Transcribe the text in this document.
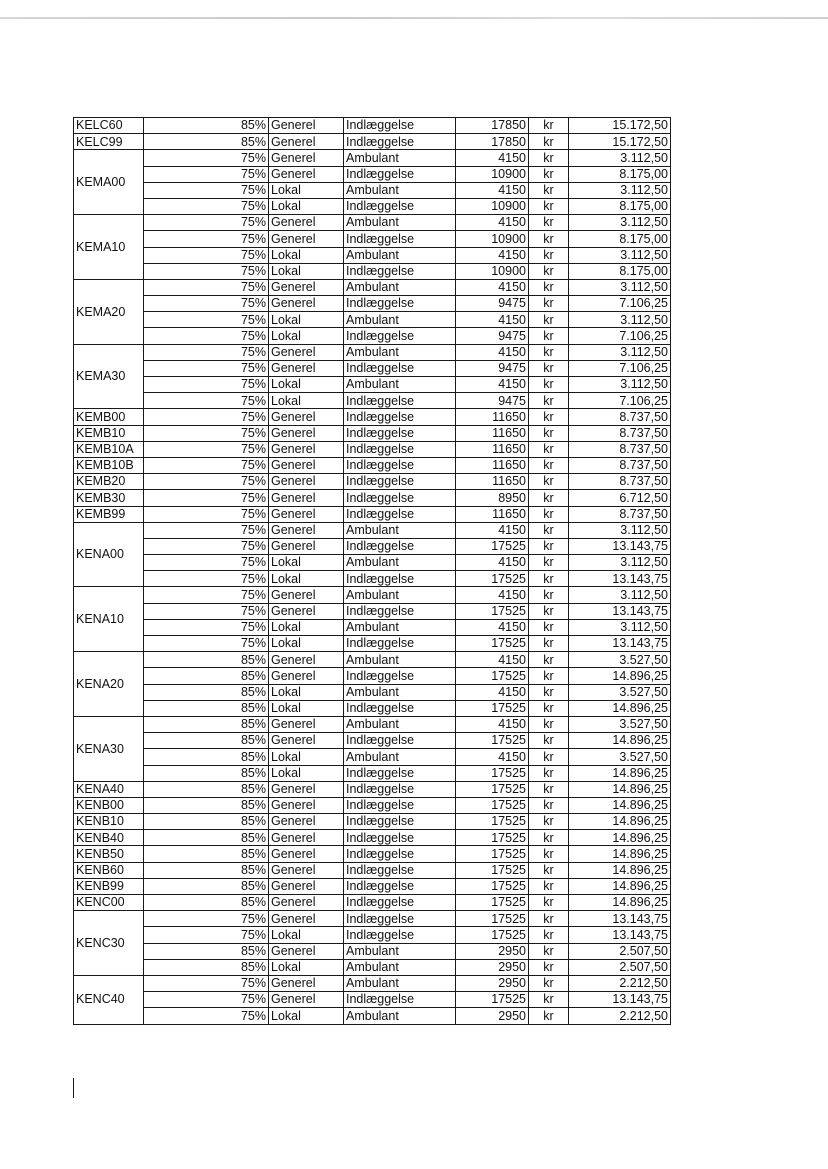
KELC60	85%	Generel	Indlæggelse	17850	kr	15.172,50
KELC99	85%	Generel	Indlæggelse	17850	kr	15.172,50
KEMA00	75%	Generel	Ambulant	4150	kr	3.112,50
	75%	Generel	Indlæggelse	10900	kr	8.175,00
	75%	Lokal	Ambulant	4150	kr	3.112,50
	75%	Lokal	Indlæggelse	10900	kr	8.175,00
KEMA10	75%	Generel	Ambulant	4150	kr	3.112,50
	75%	Generel	Indlæggelse	10900	kr	8.175,00
	75%	Lokal	Ambulant	4150	kr	3.112,50
	75%	Lokal	Indlæggelse	10900	kr	8.175,00
KEMA20	75%	Generel	Ambulant	4150	kr	3.112,50
	75%	Generel	Indlæggelse	9475	kr	7.106,25
	75%	Lokal	Ambulant	4150	kr	3.112,50
	75%	Lokal	Indlæggelse	9475	kr	7.106,25
KEMA30	75%	Generel	Ambulant	4150	kr	3.112,50
	75%	Generel	Indlæggelse	9475	kr	7.106,25
	75%	Lokal	Ambulant	4150	kr	3.112,50
	75%	Lokal	Indlæggelse	9475	kr	7.106,25
KEMB00	75%	Generel	Indlæggelse	11650	kr	8.737,50
KEMB10	75%	Generel	Indlæggelse	11650	kr	8.737,50
KEMB10A	75%	Generel	Indlæggelse	11650	kr	8.737,50
KEMB10B	75%	Generel	Indlæggelse	11650	kr	8.737,50
KEMB20	75%	Generel	Indlæggelse	11650	kr	8.737,50
KEMB30	75%	Generel	Indlæggelse	8950	kr	6.712,50
KEMB99	75%	Generel	Indlæggelse	11650	kr	8.737,50
KENA00	75%	Generel	Ambulant	4150	kr	3.112,50
	75%	Generel	Indlæggelse	17525	kr	13.143,75
	75%	Lokal	Ambulant	4150	kr	3.112,50
	75%	Lokal	Indlæggelse	17525	kr	13.143,75
KENA10	75%	Generel	Ambulant	4150	kr	3.112,50
	75%	Generel	Indlæggelse	17525	kr	13.143,75
	75%	Lokal	Ambulant	4150	kr	3.112,50
	75%	Lokal	Indlæggelse	17525	kr	13.143,75
KENA20	85%	Generel	Ambulant	4150	kr	3.527,50
	85%	Generel	Indlæggelse	17525	kr	14.896,25
	85%	Lokal	Ambulant	4150	kr	3.527,50
	85%	Lokal	Indlæggelse	17525	kr	14.896,25
KENA30	85%	Generel	Ambulant	4150	kr	3.527,50
	85%	Generel	Indlæggelse	17525	kr	14.896,25
	85%	Lokal	Ambulant	4150	kr	3.527,50
	85%	Lokal	Indlæggelse	17525	kr	14.896,25
KENA40	85%	Generel	Indlæggelse	17525	kr	14.896,25
KENB00	85%	Generel	Indlæggelse	17525	kr	14.896,25
KENB10	85%	Generel	Indlæggelse	17525	kr	14.896,25
KENB40	85%	Generel	Indlæggelse	17525	kr	14.896,25
KENB50	85%	Generel	Indlæggelse	17525	kr	14.896,25
KENB60	85%	Generel	Indlæggelse	17525	kr	14.896,25
KENB99	85%	Generel	Indlæggelse	17525	kr	14.896,25
KENC00	85%	Generel	Indlæggelse	17525	kr	14.896,25
KENC30	75%	Generel	Indlæggelse	17525	kr	13.143,75
	75%	Lokal	Indlæggelse	17525	kr	13.143,75
	85%	Generel	Ambulant	2950	kr	2.507,50
	85%	Lokal	Ambulant	2950	kr	2.507,50
KENC40	75%	Generel	Ambulant	2950	kr	2.212,50
	75%	Generel	Indlæggelse	17525	kr	13.143,75
	75%	Lokal	Ambulant	2950	kr	2.212,50
